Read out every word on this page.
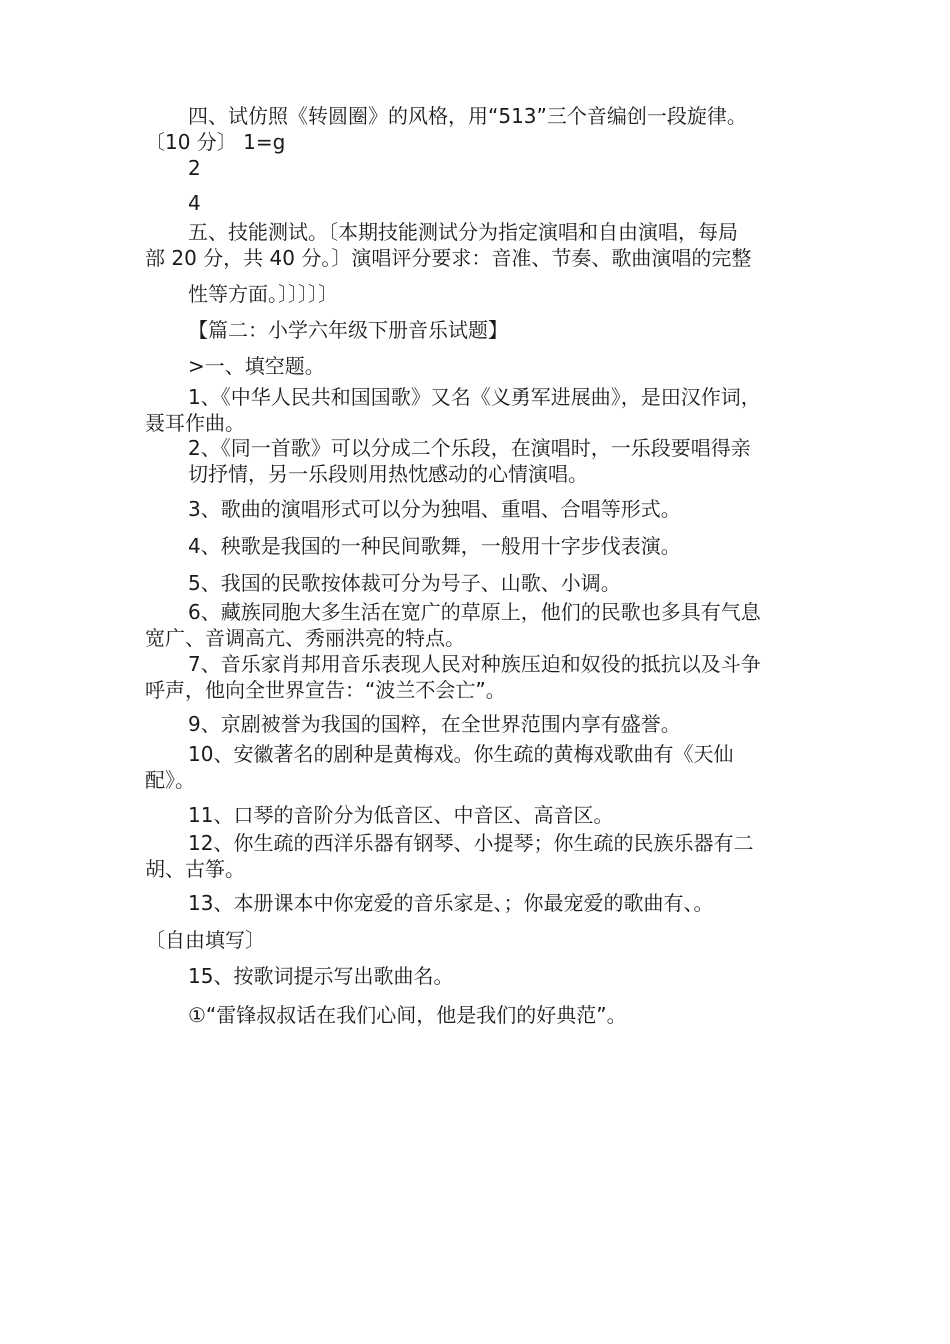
四、试仿照《转圆圈》的风格，用“513”三个音编创一段旋律。

〔10 分〕 1=g

2

4

五、技能测试。〔本期技能测试分为指定演唱和自由演唱，每局

部 20 分，共 40 分。〕演唱评分要求：音准、节奏、歌曲演唱的完整

性等方面。〕〕〕〕〕

【篇二：小学六年级下册音乐试题】

>一、填空题。

1、《中华人民共和国国歌》又名《义勇军进展曲》，是田汉作词，

聂耳作曲。

2、《同一首歌》可以分成二个乐段，在演唱时，一乐段要唱得亲

切抒情，另一乐段则用热忱感动的心情演唱。

3、歌曲的演唱形式可以分为独唱、重唱、合唱等形式。

4、秧歌是我国的一种民间歌舞，一般用十字步伐表演。

5、我国的民歌按体裁可分为号子、山歌、小调。

6、藏族同胞大多生活在宽广的草原上，他们的民歌也多具有气息

宽广、音调高亢、秀丽洪亮的特点。

7、音乐家肖邦用音乐表现人民对种族压迫和奴役的抵抗以及斗争

呼声，他向全世界宣告：“波兰不会亡”。

9、京剧被誉为我国的国粹，在全世界范围内享有盛誉。

10、安徽著名的剧种是黄梅戏。你生疏的黄梅戏歌曲有《天仙

配》。

11、口琴的音阶分为低音区、中音区、高音区。

12、你生疏的西洋乐器有钢琴、小提琴；你生疏的民族乐器有二

胡、古筝。

13、本册课本中你宠爱的音乐家是、；你最宠爱的歌曲有、。

〔自由填写〕

15、按歌词提示写出歌曲名。

①“雷锋叔叔话在我们心间，他是我们的好典范”。
